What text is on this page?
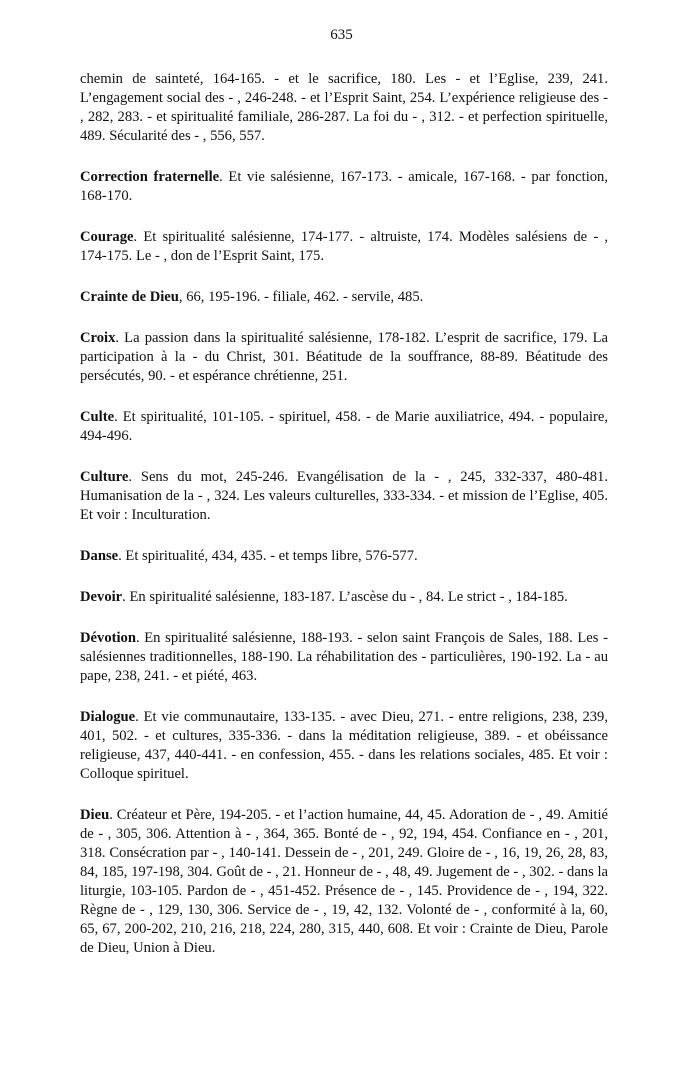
635

chemin de sainteté, 164-165. - et le sacrifice, 180. Les - et l’Eglise, 239, 241. L’engagement social des - , 246-248. - et l’Esprit Saint, 254. L’expérience religieuse des - , 282, 283. - et spiritualité familiale, 286-287. La foi du - , 312. - et perfection spirituelle, 489. Sécularité des - , 556, 557.

Correction fraternelle. Et vie salésienne, 167-173. - amicale, 167-168. - par fonction, 168-170.

Courage. Et spiritualité salésienne, 174-177. - altruiste, 174. Modèles salésiens de - , 174-175. Le - , don de l’Esprit Saint, 175.

Crainte de Dieu, 66, 195-196. - filiale, 462. - servile, 485.

Croix. La passion dans la spiritualité salésienne, 178-182. L’esprit de sacrifice, 179. La participation à la - du Christ, 301. Béatitude de la souffrance, 88-89. Béatitude des persécutés, 90. - et espérance chrétienne, 251.

Culte. Et spiritualité, 101-105. - spirituel, 458. - de Marie auxiliatrice, 494. - populaire, 494-496.

Culture. Sens du mot, 245-246. Evangélisation de la - , 245, 332-337, 480-481. Humanisation de la - , 324. Les valeurs culturelles, 333-334. - et mission de l’Eglise, 405. Et voir : Inculturation.

Danse. Et spiritualité, 434, 435. - et temps libre, 576-577.

Devoir. En spiritualité salésienne, 183-187. L’ascèse du - , 84. Le strict - , 184-185.

Dévotion. En spiritualité salésienne, 188-193. - selon saint François de Sales, 188. Les - salésiennes traditionnelles, 188-190. La réhabilitation des - particulières, 190-192. La - au pape, 238, 241. - et piété, 463.

Dialogue. Et vie communautaire, 133-135. - avec Dieu, 271. - entre religions, 238, 239, 401, 502. - et cultures, 335-336. - dans la méditation religieuse, 389. - et obéissance religieuse, 437, 440-441. - en confession, 455. - dans les relations sociales, 485. Et voir : Colloque spirituel.

Dieu. Créateur et Père, 194-205. - et l’action humaine, 44, 45. Adoration de - , 49. Amitié de - , 305, 306. Attention à - , 364, 365. Bonté de - , 92, 194, 454. Confiance en - , 201, 318. Consécration par - , 140-141. Dessein de - , 201, 249. Gloire de - , 16, 19, 26, 28, 83, 84, 185, 197-198, 304. Goût de - , 21. Honneur de - , 48, 49. Jugement de - , 302. - dans la liturgie, 103-105. Pardon de - , 451-452. Présence de - , 145. Providence de - , 194, 322. Règne de - , 129, 130, 306. Service de - , 19, 42, 132. Volonté de - , conformité à la, 60, 65, 67, 200-202, 210, 216, 218, 224, 280, 315, 440, 608. Et voir : Crainte de Dieu, Parole de Dieu, Union à Dieu.
